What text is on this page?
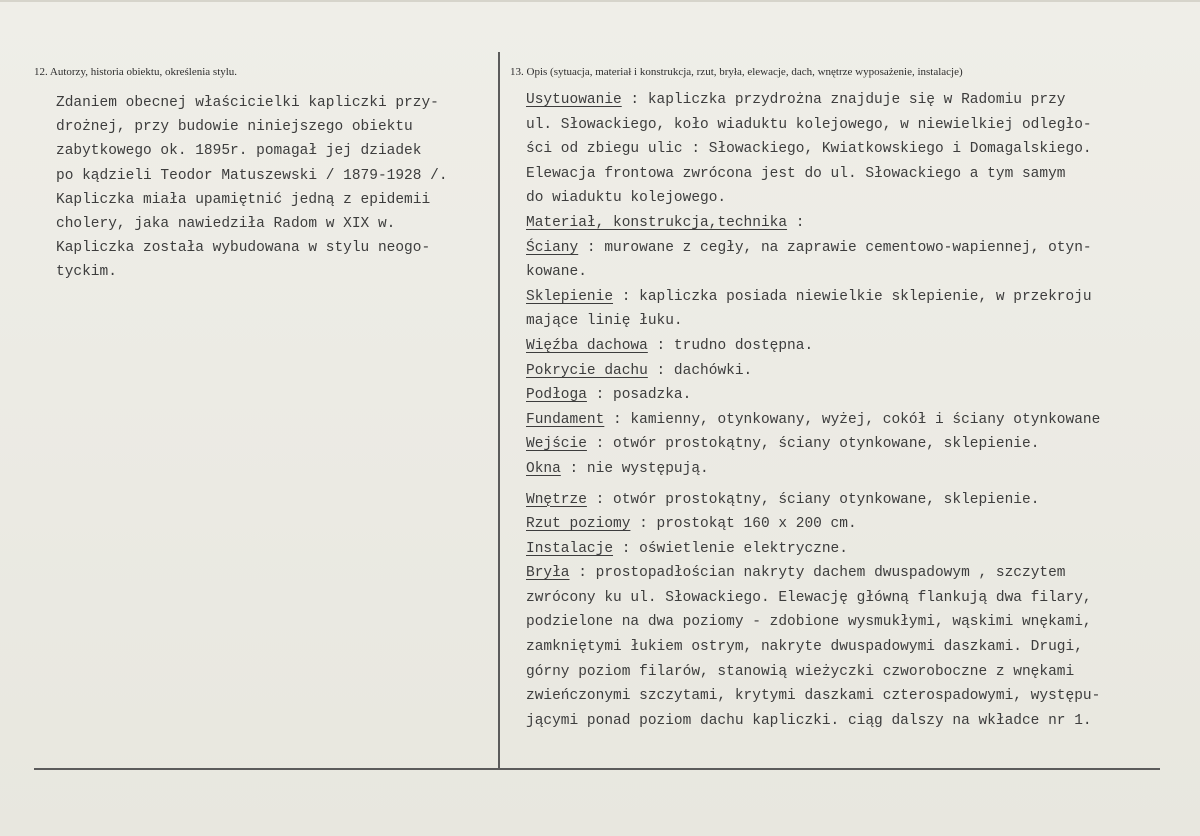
12. Autorzy, historia obiektu, określenia stylu.	13. Opis (sytuacja, materiał i konstrukcja, rzut, bryła, elewacje, dach, wnętrze wyposażenie, instalacje)
Zdaniem obecnej właścicielki kapliczki przy-
drożnej, przy budowie niniejszego obiektu
zabytkowego ok. 1895r. pomagał jej dziadek
po kądzieli Teodor Matuszewski / 1879-1928 /.
Kapliczka miała upamiętnić jedną z epidemii
cholery, jaka nawiedziła Radom w XIX w.
Kapliczka została wybudowana w stylu neogo-
tyckim.
Usytuowanie : kapliczka przydrożna znajduje się w Radomiu przy
ul. Słowackiego, koło wiaduktu kolejowego, w niewielkiej odległo-
ści od zbiegu ulic : Słowackiego, Kwiatkowskiego i Domagalskiego.
Elewacja frontowa zwrócona jest do ul. Słowackiego a tym samym
do wiaduktu kolejowego.
Materiał, konstrukcja,technika :
Ściany : murowane z cegły, na zaprawie cementowo-wapiennej, otyn-
kowane.
Sklepienie : kapliczka posiada niewielkie sklepienie, w przekroju
mające linię łuku.
Więźba dachowa : trudno dostępna.
Pokrycie dachu : dachówki.
Podłoga : posadzka.
Fundament : kamienny, otynkowany, wyżej, cokół i ściany otynkowane
Wejście : otwór prostokątny, ściany otynkowane, sklepienie.
Okna : nie występują.
Wnętrze : otwór prostokątny, ściany otynkowane, sklepienie.
Rzut poziomy : prostokąt 160 x 200 cm.
Instalacje : oświetlenie elektryczne.
Bryła : prostopadłościan nakryty dachem dwuspadowym , szczytem
zwrócony ku ul. Słowackiego. Elewację główną flankują dwa filary,
podzielone na dwa poziomy - zdobione wysmukłymi, wąskimi wnękami,
zamkniętymi łukiem ostrym, nakryte dwuspadowymi daszkami. Drugi,
górny poziom filarów, stanowią wieżyczki czworoboczne z wnękami
zwieńczonymi szczytami, krytymi daszkami czterospadowymi, występu-
jącymi ponad poziom dachu kapliczki. ciąg dalszy na wkładce nr 1.
